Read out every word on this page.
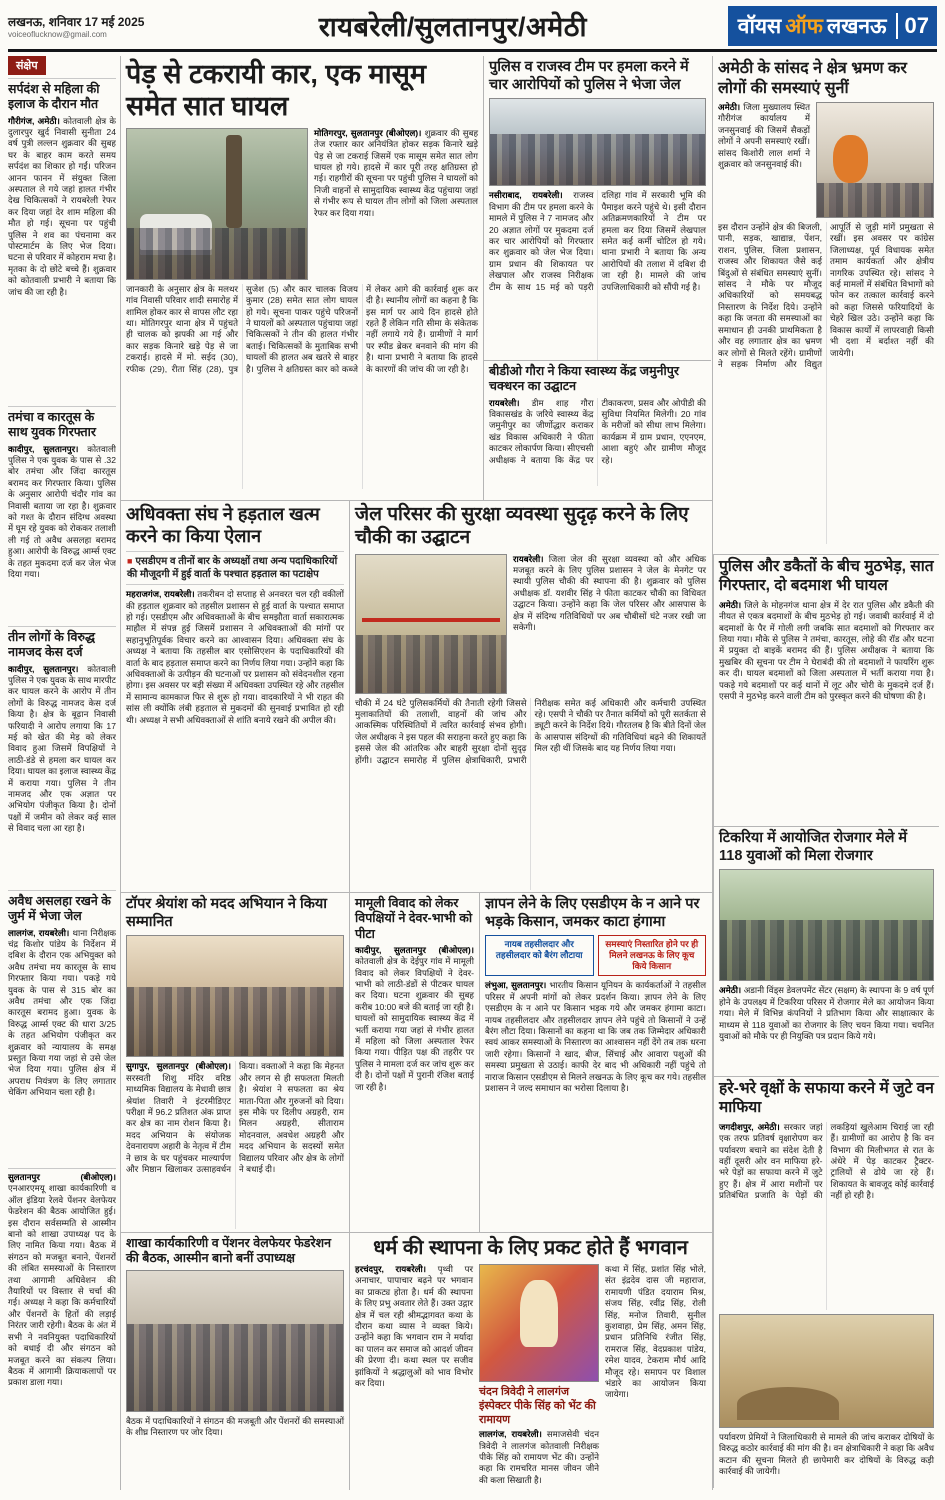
लखनऊ, शनिवार 17 मई 2025
voiceoflucknow@gmail.com	रायबरेली/सुलतानपुर/अमेठी	वॉयस ऑफ लखनऊ 07
संक्षेप
सर्पदंश से महिला की इलाज के दौरान मौत

गौरीगंज, अमेठी। कोतवाली क्षेत्र के दुलारपुर खुर्द निवासी सुनीता 24 वर्ष पुत्री लल्लन शुक्रवार की सुबह घर के बाहर काम करते समय सर्पदंश का शिकार हो गईं। परिजन आनन फानन में संयुक्त जिला अस्पताल ले गये जहां हालत गंभीर देख चिकित्सकों ने रायबरेली रेफर कर दिया जहां देर शाम महिला की मौत हो गई। सूचना पर पहुंची पुलिस ने शव का पंचनामा कर पोस्टमार्टम के लिए भेज दिया। घटना से परिवार में कोहराम मचा है। मृतका के दो छोटे बच्चे हैं। शुक्रवार को कोतवाली प्रभारी ने बताया कि जांच की जा रही है।

तमंचा व कारतूस के साथ युवक गिरफ्तार

कादीपुर, सुलतानपुर। कोतवाली पुलिस ने एक युवक के पास से .32 बोर तमंचा और जिंदा कारतूस बरामद कर गिरफ्तार किया। पुलिस के अनुसार आरोपी चंदौर गांव का निवासी बताया जा रहा है। शुक्रवार को गश्त के दौरान संदिग्ध अवस्था में घूम रहे युवक को रोककर तलाशी ली गई तो अवैध असलहा बरामद हुआ। आरोपी के विरुद्ध आर्म्स एक्ट के तहत मुकदमा दर्ज कर जेल भेज दिया गया।

तीन लोगों के विरुद्ध नामजद केस दर्ज

कादीपुर, सुलतानपुर। कोतवाली पुलिस ने एक युवक के साथ मारपीट कर घायल करने के आरोप में तीन लोगों के विरुद्ध नामजद केस दर्ज किया है। क्षेत्र के बूढ़ान निवासी फरियादी ने आरोप लगाया कि 17 मई को खेत की मेड़ को लेकर विवाद हुआ जिसमें विपक्षियों ने लाठी-डंडे से हमला कर घायल कर दिया। घायल का इलाज स्वास्थ्य केंद्र में कराया गया। पुलिस ने तीन नामजद और एक अज्ञात पर अभियोग पंजीकृत किया है। दोनों पक्षों में जमीन को लेकर कई साल से विवाद चला आ रहा है।

अवैध असलहा रखने के जुर्म में भेजा जेल

लालगंज, रायबरेली। थाना निरीक्षक चंद्र किशोर पांडेय के निर्देशन में दबिश के दौरान एक अभियुक्त को अवैध तमंचा मय कारतूस के साथ गिरफ्तार किया गया। पकड़े गये युवक के पास से 315 बोर का अवैध तमंचा और एक जिंदा कारतूस बरामद हुआ। युवक के विरुद्ध आर्म्स एक्ट की धारा 3/25 के तहत अभियोग पंजीकृत कर शुक्रवार को न्यायालय के समक्ष प्रस्तुत किया गया जहां से उसे जेल भेज दिया गया। पुलिस क्षेत्र में अपराध नियंत्रण के लिए लगातार चेकिंग अभियान चला रही है।

सुलतानपुर (बीओएल)। एनआरएमयू शाखा कार्यकारिणी व ऑल इंडिया रेलवे पेंशनर वेलफेयर फेडरेशन की बैठक आयोजित हुई। इस दौरान सर्वसम्मति से आस्मीन बानो को शाखा उपाध्यक्ष पद के लिए नामित किया गया। बैठक में संगठन को मजबूत बनाने, पेंशनरों की लंबित समस्याओं के निस्तारण तथा आगामी अधिवेशन की तैयारियों पर विस्तार से चर्चा की गई। अध्यक्ष ने कहा कि कर्मचारियों और पेंशनरों के हितों की लड़ाई निरंतर जारी रहेगी। बैठक के अंत में सभी ने नवनियुक्त पदाधिकारियों को बधाई दी और संगठन को मजबूत करने का संकल्प लिया। बैठक में आगामी क्रियाकलापों पर प्रकाश डाला गया।

पेड़ से टकरायी कार, एक मासूम समेत सात घायल

मोतिगरपुर, सुलतानपुर (बीओएल)। शुक्रवार की सुबह तेज रफ्तार कार अनियंत्रित होकर सड़क किनारे खड़े पेड़ से जा टकराई जिसमें एक मासूम समेत सात लोग घायल हो गये। हादसे में कार पूरी तरह क्षतिग्रस्त हो गई। राहगीरों की सूचना पर पहुंची पुलिस ने घायलों को निजी वाहनों से सामुदायिक स्वास्थ्य केंद्र पहुंचाया जहां से गंभीर रूप से घायल तीन लोगों को जिला अस्पताल रेफर कर दिया गया।

जानकारी के अनुसार क्षेत्र के मलथर गांव निवासी परिवार शादी समारोह में शामिल होकर कार से वापस लौट रहा था। मोतिगरपुर थाना क्षेत्र में पहुंचते ही चालक को झपकी आ गई और कार सड़क किनारे खड़े पेड़ से जा टकराई। हादसे में मो. सईद (30), रफीक (29), रीता सिंह (28), पुत्र सुजेश (5) और कार चालक विजय कुमार (28) समेत सात लोग घायल हो गये। सूचना पाकर पहुंचे परिजनों ने घायलों को अस्पताल पहुंचाया जहां चिकित्सकों ने तीन की हालत गंभीर बताई। चिकित्सकों के मुताबिक सभी घायलों की हालत अब खतरे से बाहर है। पुलिस ने क्षतिग्रस्त कार को कब्जे में लेकर आगे की कार्रवाई शुरू कर दी है। स्थानीय लोगों का कहना है कि इस मार्ग पर आये दिन हादसे होते रहते हैं लेकिन गति सीमा के संकेतक नहीं लगाये गये हैं। ग्रामीणों ने मार्ग पर स्पीड ब्रेकर बनवाने की मांग की है। थाना प्रभारी ने बताया कि हादसे के कारणों की जांच की जा रही है।

पुलिस व राजस्व टीम पर हमला करने में चार आरोपियों को पुलिस ने भेजा जेल

नसीराबाद, रायबरेली। राजस्व विभाग की टीम पर हमला करने के मामले में पुलिस ने 7 नामजद और 20 अज्ञात लोगों पर मुकदमा दर्ज कर चार आरोपियों को गिरफ्तार कर शुक्रवार को जेल भेज दिया। ग्राम प्रधान की शिकायत पर लेखपाल और राजस्व निरीक्षक टीम के साथ 15 मई को पड़री दलिहा गांव में सरकारी भूमि की पैमाइश करने पहुंचे थे। इसी दौरान अतिक्रमणकारियों ने टीम पर हमला कर दिया जिसमें लेखपाल समेत कई कर्मी चोटिल हो गये। थाना प्रभारी ने बताया कि अन्य आरोपियों की तलाश में दबिश दी जा रही है। मामले की जांच उपजिलाधिकारी को सौंपी गई है।

बीडीओ गौरा ने किया स्वास्थ्य केंद्र जमुनीपुर चक्धरन का उद्घाटन

रायबरेली। डीम शाह गौरा विकासखंड के जरिये स्वास्थ्य केंद्र जमुनीपुर का जीर्णोद्धार कराकर खंड विकास अधिकारी ने फीता काटकर लोकार्पण किया। सीएचसी अधीक्षक ने बताया कि केंद्र पर टीकाकरण, प्रसव और ओपीडी की सुविधा नियमित मिलेगी। 20 गांव के मरीजों को सीधा लाभ मिलेगा। कार्यक्रम में ग्राम प्रधान, एएनएम, आशा बहुएं और ग्रामीण मौजूद रहे।

अधिवक्ता संघ ने हड़ताल खत्म करने का किया ऐलान

■ एसडीएम व तीनों बार के अध्यक्षों तथा अन्य पदाधिकारियों की मौजूदगी में हुई वार्ता के पश्चात हड़ताल का पटाक्षेप

महराजगंज, रायबरेली। तकरीबन दो सप्ताह से अनवरत चल रही वकीलों की हड़ताल शुक्रवार को तहसील प्रशासन से हुई वार्ता के पश्चात समाप्त हो गई। एसडीएम और अधिवक्ताओं के बीच समझौता वार्ता सकारात्मक माहौल में संपन्न हुई जिसमें प्रशासन ने अधिवक्ताओं की मांगों पर सहानुभूतिपूर्वक विचार करने का आश्वासन दिया। अधिवक्ता संघ के अध्यक्ष ने बताया कि तहसील बार एसोसिएशन के पदाधिकारियों की वार्ता के बाद हड़ताल समाप्त करने का निर्णय लिया गया। उन्होंने कहा कि अधिवक्ताओं के उत्पीड़न की घटनाओं पर प्रशासन को संवेदनशील रहना होगा। इस अवसर पर बड़ी संख्या में अधिवक्ता उपस्थित रहे और तहसील में सामान्य कामकाज फिर से शुरू हो गया। वादकारियों ने भी राहत की सांस ली क्योंकि लंबी हड़ताल से मुकदमों की सुनवाई प्रभावित हो रही थी। अध्यक्ष ने सभी अधिवक्ताओं से शांति बनाये रखने की अपील की।

जेल परिसर की सुरक्षा व्यवस्था सुदृढ़ करने के लिए चौकी का उद्घाटन

रायबरेली। जिला जेल की सुरक्षा व्यवस्था को और अधिक मजबूत करने के लिए पुलिस प्रशासन ने जेल के मेनगेट पर स्थायी पुलिस चौकी की स्थापना की है। शुक्रवार को पुलिस अधीक्षक डॉ. यशवीर सिंह ने फीता काटकर चौकी का विधिवत उद्घाटन किया। उन्होंने कहा कि जेल परिसर और आसपास के क्षेत्र में संदिग्ध गतिविधियों पर अब चौबीसों घंटे नजर रखी जा सकेगी।

चौकी में 24 घंटे पुलिसकर्मियों की तैनाती रहेगी जिससे मुलाकातियों की तलाशी, वाहनों की जांच और आकस्मिक परिस्थितियों में त्वरित कार्रवाई संभव होगी। जेल अधीक्षक ने इस पहल की सराहना करते हुए कहा कि इससे जेल की आंतरिक और बाहरी सुरक्षा दोनों सुदृढ़ होंगी। उद्घाटन समारोह में पुलिस क्षेत्राधिकारी, प्रभारी निरीक्षक समेत कई अधिकारी और कर्मचारी उपस्थित रहे। एसपी ने चौकी पर तैनात कर्मियों को पूरी सतर्कता से ड्यूटी करने के निर्देश दिये। गौरतलब है कि बीते दिनों जेल के आसपास संदिग्धों की गतिविधियां बढ़ने की शिकायतें मिल रही थीं जिसके बाद यह निर्णय लिया गया।

टॉपर श्रेयांश को मदद अभियान ने किया सम्मानित

सुगापुर, सुलतानपुर (बीओएल)। सरस्वती शिशु मंदिर वरिष्ठ माध्यमिक विद्यालय के मेधावी छात्र श्रेयांश तिवारी ने इंटरमीडिएट परीक्षा में 96.2 प्रतिशत अंक प्राप्त कर क्षेत्र का नाम रोशन किया है। मदद अभियान के संयोजक देवनारायण अहारी के नेतृत्व में टीम ने छात्र के घर पहुंचकर माल्यार्पण और मिष्ठान खिलाकर उत्साहवर्धन किया। वक्ताओं ने कहा कि मेहनत और लगन से ही सफलता मिलती है। श्रेयांश ने सफलता का श्रेय माता-पिता और गुरुजनों को दिया। इस मौके पर दिलीप अग्रहरी, राम मिलन अग्रहरी, सीताराम मोदनवाल, अवधेश अग्रहरी और मदद अभियान के सदस्यों समेत विद्यालय परिवार और क्षेत्र के लोगों ने बधाई दी।

मामूली विवाद को लेकर विपक्षियों ने देवर-भाभी को पीटा

कादीपुर, सुलतानपुर (बीओएल)। कोतवाली क्षेत्र के देईपुर गांव में मामूली विवाद को लेकर विपक्षियों ने देवर-भाभी को लाठी-डंडों से पीटकर घायल कर दिया। घटना शुक्रवार की सुबह करीब 10:00 बजे की बताई जा रही है। घायलों को सामुदायिक स्वास्थ्य केंद्र में भर्ती कराया गया जहां से गंभीर हालत में महिला को जिला अस्पताल रेफर किया गया। पीड़ित पक्ष की तहरीर पर पुलिस ने मामला दर्ज कर जांच शुरू कर दी है। दोनों पक्षों में पुरानी रंजिश बताई जा रही है।

ज्ञापन लेने के लिए एसडीएम के न आने पर भड़के किसान, जमकर काटा हंगामा
नायब तहसीलदार और तहसीलदार को बैरंग लौटाया
समस्याएं निस्तारित होने पर ही मिलने लखनऊ के लिए कूच किये किसान

लंभुआ, सुलतानपुर। भारतीय किसान यूनियन के कार्यकर्ताओं ने तहसील परिसर में अपनी मांगों को लेकर प्रदर्शन किया। ज्ञापन लेने के लिए एसडीएम के न आने पर किसान भड़क गये और जमकर हंगामा काटा। नायब तहसीलदार और तहसीलदार ज्ञापन लेने पहुंचे तो किसानों ने उन्हें बैरंग लौटा दिया। किसानों का कहना था कि जब तक जिम्मेदार अधिकारी स्वयं आकर समस्याओं के निस्तारण का आश्वासन नहीं देंगे तब तक धरना जारी रहेगा। किसानों ने खाद, बीज, सिंचाई और आवारा पशुओं की समस्या प्रमुखता से उठाई। काफी देर बाद भी अधिकारी नहीं पहुंचे तो नाराज किसान एसडीएम से मिलने लखनऊ के लिए कूच कर गये। तहसील प्रशासन ने जल्द समाधान का भरोसा दिलाया है।

शाखा कार्यकारिणी व पेंशनर वेलफेयर फेडरेशन की बैठक, आस्मीन बानो बनीं उपाध्यक्ष

बैठक में पदाधिकारियों ने संगठन की मजबूती और पेंशनरों की समस्याओं के शीघ्र निस्तारण पर जोर दिया।

धर्म की स्थापना के लिए प्रकट होते हैं भगवान

हरचंदपुर, रायबरेली। पृथ्वी पर अनाचार, पापाचार बढ़ने पर भगवान का प्राकट्य होता है। धर्म की स्थापना के लिए प्रभु अवतार लेते हैं। उक्त उद्गार क्षेत्र में चल रही श्रीमद्भागवत कथा के दौरान कथा व्यास ने व्यक्त किये। उन्होंने कहा कि भगवान राम ने मर्यादा का पालन कर समाज को आदर्श जीवन की प्रेरणा दी। कथा स्थल पर सजीव झांकियों ने श्रद्धालुओं को भाव विभोर कर दिया।

चंदन त्रिवेदी ने लालगंज इंस्पेक्टर पीके सिंह को भेंट की रामायण

लालगंज, रायबरेली। समाजसेवी चंदन त्रिवेदी ने लालगंज कोतवाली निरीक्षक पीके सिंह को रामायण भेंट की। उन्होंने कहा कि रामचरित मानस जीवन जीने की कला सिखाती है।

कथा में सिंह, प्रशांत सिंह भोले, संत इंद्रदेव दास जी महाराज, रामायणी पंडित दयाराम मिश्र, संजय सिंह, रवींद्र सिंह, रोली सिंह, मनोज तिवारी, सुनील कुशवाहा, प्रेम सिंह, अमन सिंह, प्रधान प्रतिनिधि रंजीत सिंह, रामराज सिंह, वेदप्रकाश पांडेय, रमेश यादव, टेकराम मौर्य आदि मौजूद रहे। समापन पर विशाल भंडारे का आयोजन किया जायेगा।

अमेठी के सांसद ने क्षेत्र भ्रमण कर लोगों की समस्याएं सुनीं

अमेठी। जिला मुख्यालय स्थित गौरीगंज कार्यालय में जनसुनवाई की जिसमें सैकड़ों लोगों ने अपनी समस्याएं रखीं। सांसद किशोरी लाल शर्मा ने शुक्रवार को जनसुनवाई की।

इस दौरान उन्होंने क्षेत्र की बिजली, पानी, सड़क, खाद्यान्न, पेंशन, राशन, पुलिस, जिला प्रशासन, राजस्व और शिकायत जैसे कई बिंदुओं से संबंधित समस्याएं सुनीं। सांसद ने मौके पर मौजूद अधिकारियों को समयबद्ध निस्तारण के निर्देश दिये। उन्होंने कहा कि जनता की समस्याओं का समाधान ही उनकी प्राथमिकता है और वह लगातार क्षेत्र का भ्रमण कर लोगों से मिलते रहेंगे। ग्रामीणों ने सड़क निर्माण और विद्युत आपूर्ति से जुड़ी मांगें प्रमुखता से रखीं। इस अवसर पर कांग्रेस जिलाध्यक्ष, पूर्व विधायक समेत तमाम कार्यकर्ता और क्षेत्रीय नागरिक उपस्थित रहे। सांसद ने कई मामलों में संबंधित विभागों को फोन कर तत्काल कार्रवाई करने को कहा जिससे फरियादियों के चेहरे खिल उठे। उन्होंने कहा कि विकास कार्यों में लापरवाही किसी भी दशा में बर्दाश्त नहीं की जायेगी।

पुलिस और डकैतों के बीच मुठभेड़, सात गिरफ्तार, दो बदमाश भी घायल

अमेठी। जिले के मोहनगंज थाना क्षेत्र में देर रात पुलिस और डकैती की नीयत से एकत्र बदमाशों के बीच मुठभेड़ हो गई। जवाबी कार्रवाई में दो बदमाशों के पैर में गोली लगी जबकि सात बदमाशों को गिरफ्तार कर लिया गया। मौके से पुलिस ने तमंचा, कारतूस, लोहे की रॉड और घटना में प्रयुक्त दो बाइकें बरामद की हैं। पुलिस अधीक्षक ने बताया कि मुखबिर की सूचना पर टीम ने घेराबंदी की तो बदमाशों ने फायरिंग शुरू कर दी। घायल बदमाशों को जिला अस्पताल में भर्ती कराया गया है। पकड़े गये बदमाशों पर कई थानों में लूट और चोरी के मुकदमे दर्ज हैं। एसपी ने मुठभेड़ करने वाली टीम को पुरस्कृत करने की घोषणा की है।

टिकरिया में आयोजित रोजगार मेले में 118 युवाओं को मिला रोजगार

अमेठी। अडानी विंड्स डेवलपमेंट सेंटर (सक्षम) के स्थापना के 9 वर्ष पूर्ण होने के उपलक्ष्य में टिकरिया परिसर में रोजगार मेले का आयोजन किया गया। मेले में विभिन्न कंपनियों ने प्रतिभाग किया और साक्षात्कार के माध्यम से 118 युवाओं का रोजगार के लिए चयन किया गया। चयनित युवाओं को मौके पर ही नियुक्ति पत्र प्रदान किये गये।

हरे-भरे वृक्षों के सफाया करने में जुटे वन माफिया

जगदीशपुर, अमेठी। सरकार जहां एक तरफ प्रतिवर्ष वृक्षारोपण कर पर्यावरण बचाने का संदेश देती है वहीं दूसरी ओर वन माफिया हरे-भरे पेड़ों का सफाया करने में जुटे हुए हैं। क्षेत्र में आरा मशीनों पर प्रतिबंधित प्रजाति के पेड़ों की लकड़ियां खुलेआम चिराई जा रही हैं। ग्रामीणों का आरोप है कि वन विभाग की मिलीभगत से रात के अंधेरे में पेड़ काटकर ट्रैक्टर-ट्रालियों से ढोये जा रहे हैं। शिकायत के बावजूद कोई कार्रवाई नहीं हो रही है।

पर्यावरण प्रेमियों ने जिलाधिकारी से मामले की जांच कराकर दोषियों के विरुद्ध कठोर कार्रवाई की मांग की है। वन क्षेत्राधिकारी ने कहा कि अवैध कटान की सूचना मिलते ही छापेमारी कर दोषियों के विरुद्ध कड़ी कार्रवाई की जायेगी।
